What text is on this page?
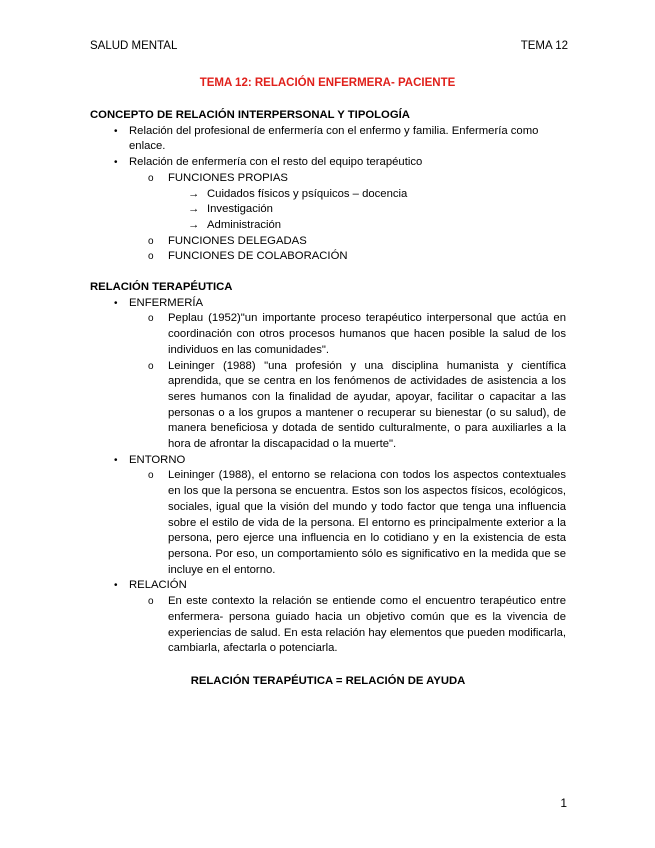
SALUD MENTAL	TEMA 12
TEMA 12: RELACIÓN ENFERMERA- PACIENTE
CONCEPTO DE RELACIÓN INTERPERSONAL Y TIPOLOGÍA
• Relación del profesional de enfermería con el enfermo y familia. Enfermería como enlace.
• Relación de enfermería con el resto del equipo terapéutico
o FUNCIONES PROPIAS
→ Cuidados físicos y psíquicos – docencia
→ Investigación
→ Administración
o FUNCIONES DELEGADAS
o FUNCIONES DE COLABORACIÓN
RELACIÓN TERAPÉUTICA
• ENFERMERÍA
o Peplau (1952)"un importante proceso terapéutico interpersonal que actúa en coordinación con otros procesos humanos que hacen posible la salud de los individuos en las comunidades".
o Leininger (1988) "una profesión y una disciplina humanista y científica aprendida, que se centra en los fenómenos de actividades de asistencia a los seres humanos con la finalidad de ayudar, apoyar, facilitar o capacitar a las personas o a los grupos a mantener o recuperar su bienestar (o su salud), de manera beneficiosa y dotada de sentido culturalmente, o para auxiliarles a la hora de afrontar la discapacidad o la muerte".
• ENTORNO
o Leininger (1988), el entorno se relaciona con todos los aspectos contextuales en los que la persona se encuentra. Estos son los aspectos físicos, ecológicos, sociales, igual que la visión del mundo y todo factor que tenga una influencia sobre el estilo de vida de la persona. El entorno es principalmente exterior a la persona, pero ejerce una influencia en lo cotidiano y en la existencia de esta persona. Por eso, un comportamiento sólo es significativo en la medida que se incluye en el entorno.
• RELACIÓN
o En este contexto la relación se entiende como el encuentro terapéutico entre enfermera- persona guiado hacia un objetivo común que es la vivencia de experiencias de salud. En esta relación hay elementos que pueden modificarla, cambiarla, afectarla o potenciarla.
RELACIÓN TERAPÉUTICA = RELACIÓN DE AYUDA
1
